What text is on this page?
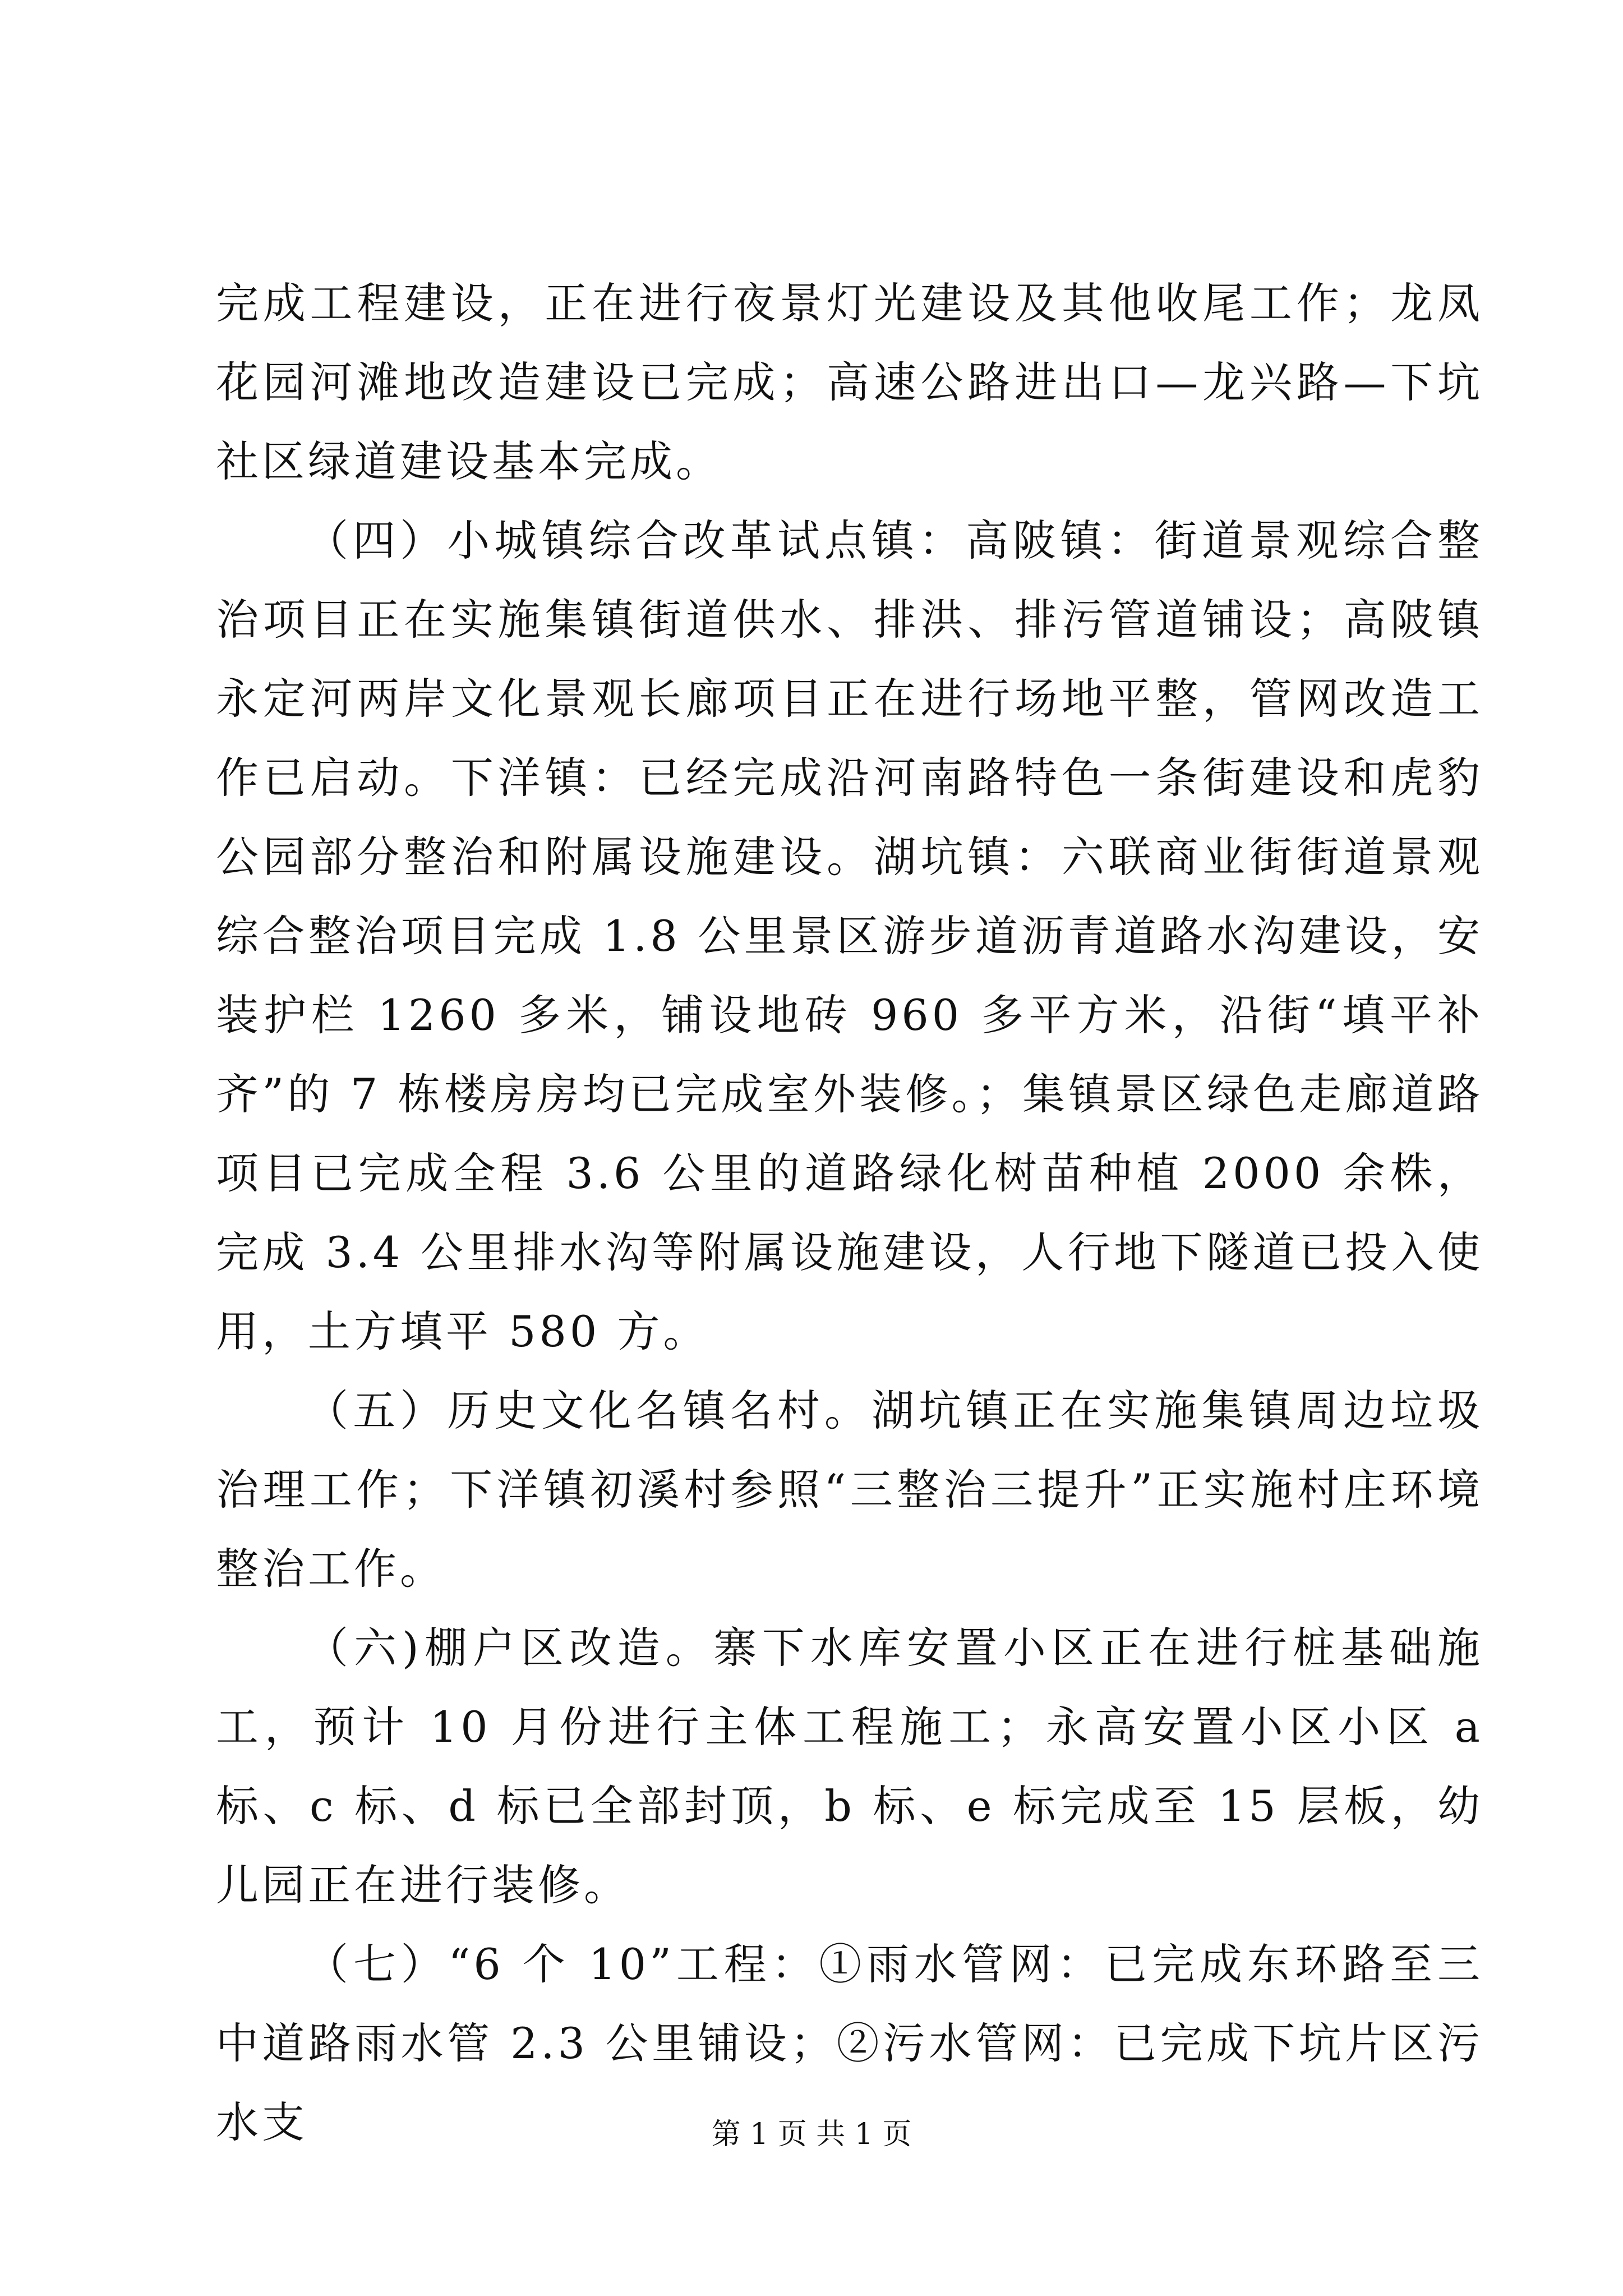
完成工程建设，正在进行夜景灯光建设及其他收尾工作；龙凤花园河滩地改造建设已完成；高速公路进出口—龙兴路—下坑社区绿道建设基本完成。

（四）小城镇综合改革试点镇：高陂镇：街道景观综合整治项目正在实施集镇街道供水、排洪、排污管道铺设；高陂镇永定河两岸文化景观长廊项目正在进行场地平整，管网改造工作已启动。下洋镇：已经完成沿河南路特色一条街建设和虎豹公园部分整治和附属设施建设。湖坑镇：六联商业街街道景观综合整治项目完成 1.8 公里景区游步道沥青道路水沟建设，安装护栏 1260 多米，铺设地砖 960 多平方米，沿街“填平补齐”的 7 栋楼房房均已完成室外装修。；集镇景区绿色走廊道路项目已完成全程 3.6 公里的道路绿化树苗种植 2000 余株，完成 3.4 公里排水沟等附属设施建设，人行地下隧道已投入使用，土方填平 580 方。

（五）历史文化名镇名村。湖坑镇正在实施集镇周边垃圾治理工作；下洋镇初溪村参照“三整治三提升”正实施村庄环境整治工作。

（六)棚户区改造。寨下水库安置小区正在进行桩基础施工，预计 10 月份进行主体工程施工；永高安置小区小区 a 标、c 标、d 标已全部封顶，b 标、e 标完成至 15 层板，幼儿园正在进行装修。

（七）“6 个 10”工程：①雨水管网：已完成东环路至三中道路雨水管 2.3 公里铺设；②污水管网：已完成下坑片区污水支	第 1 页 共 1 页
